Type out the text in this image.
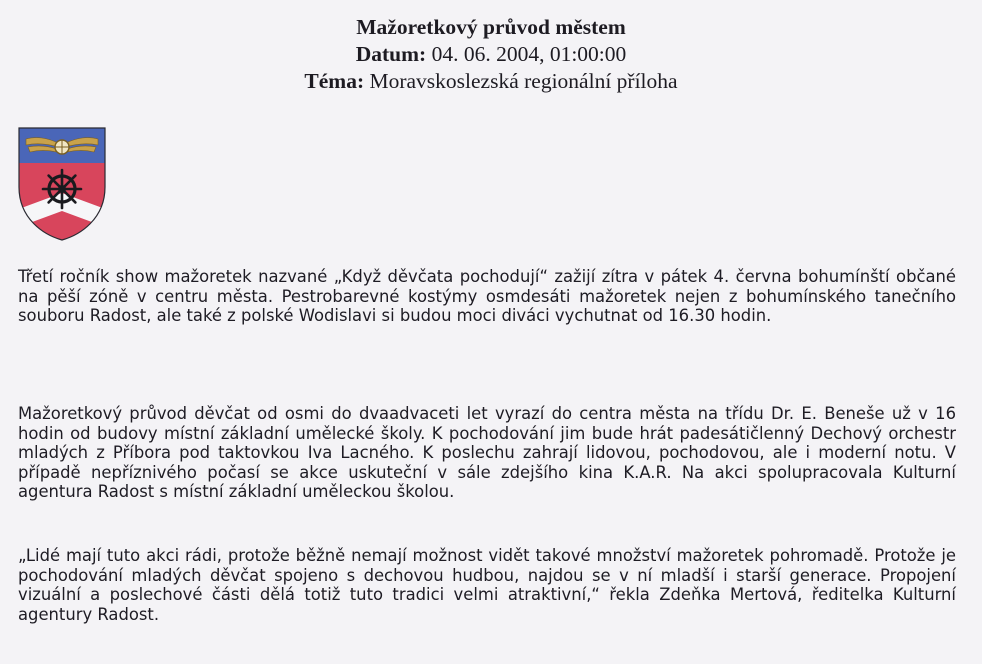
Mažoretkový průvod městem
Datum: 04. 06. 2004, 01:00:00
Téma: Moravskoslezská regionální příloha

Třetí ročník show mažoretek nazvané „Když děvčata pochodují“ zažijí zítra v pátek 4. června bohumínští občané na pěší zóně v centru města. Pestrobarevné kostýmy osmdesáti mažoretek nejen z bohumínského tanečního souboru Radost, ale také z polské Wodislavi si budou moci diváci vychutnat od 16.30 hodin.

Mažoretkový průvod děvčat od osmi do dvaadvaceti let vyrazí do centra města na třídu Dr. E. Beneše už v 16 hodin od budovy místní základní umělecké školy. K pochodování jim bude hrát padesátičlenný Dechový orchestr mladých z Příbora pod taktovkou Iva Lacného. K poslechu zahrají lidovou, pochodovou, ale i moderní notu. V případě nepříznivého počasí se akce uskuteční v sále zdejšího kina K.A.R. Na akci spolupracovala Kulturní agentura Radost s místní základní uměleckou školou.

„Lidé mají tuto akci rádi, protože běžně nemají možnost vidět takové množství mažoretek pohromadě. Protože je pochodování mladých děvčat spojeno s dechovou hudbou, najdou se v ní mladší i starší generace. Propojení vizuální a poslechové části dělá totiž tuto tradici velmi atraktivní,“ řekla Zdeňka Mertová, ředitelka Kulturní agentury Radost.
